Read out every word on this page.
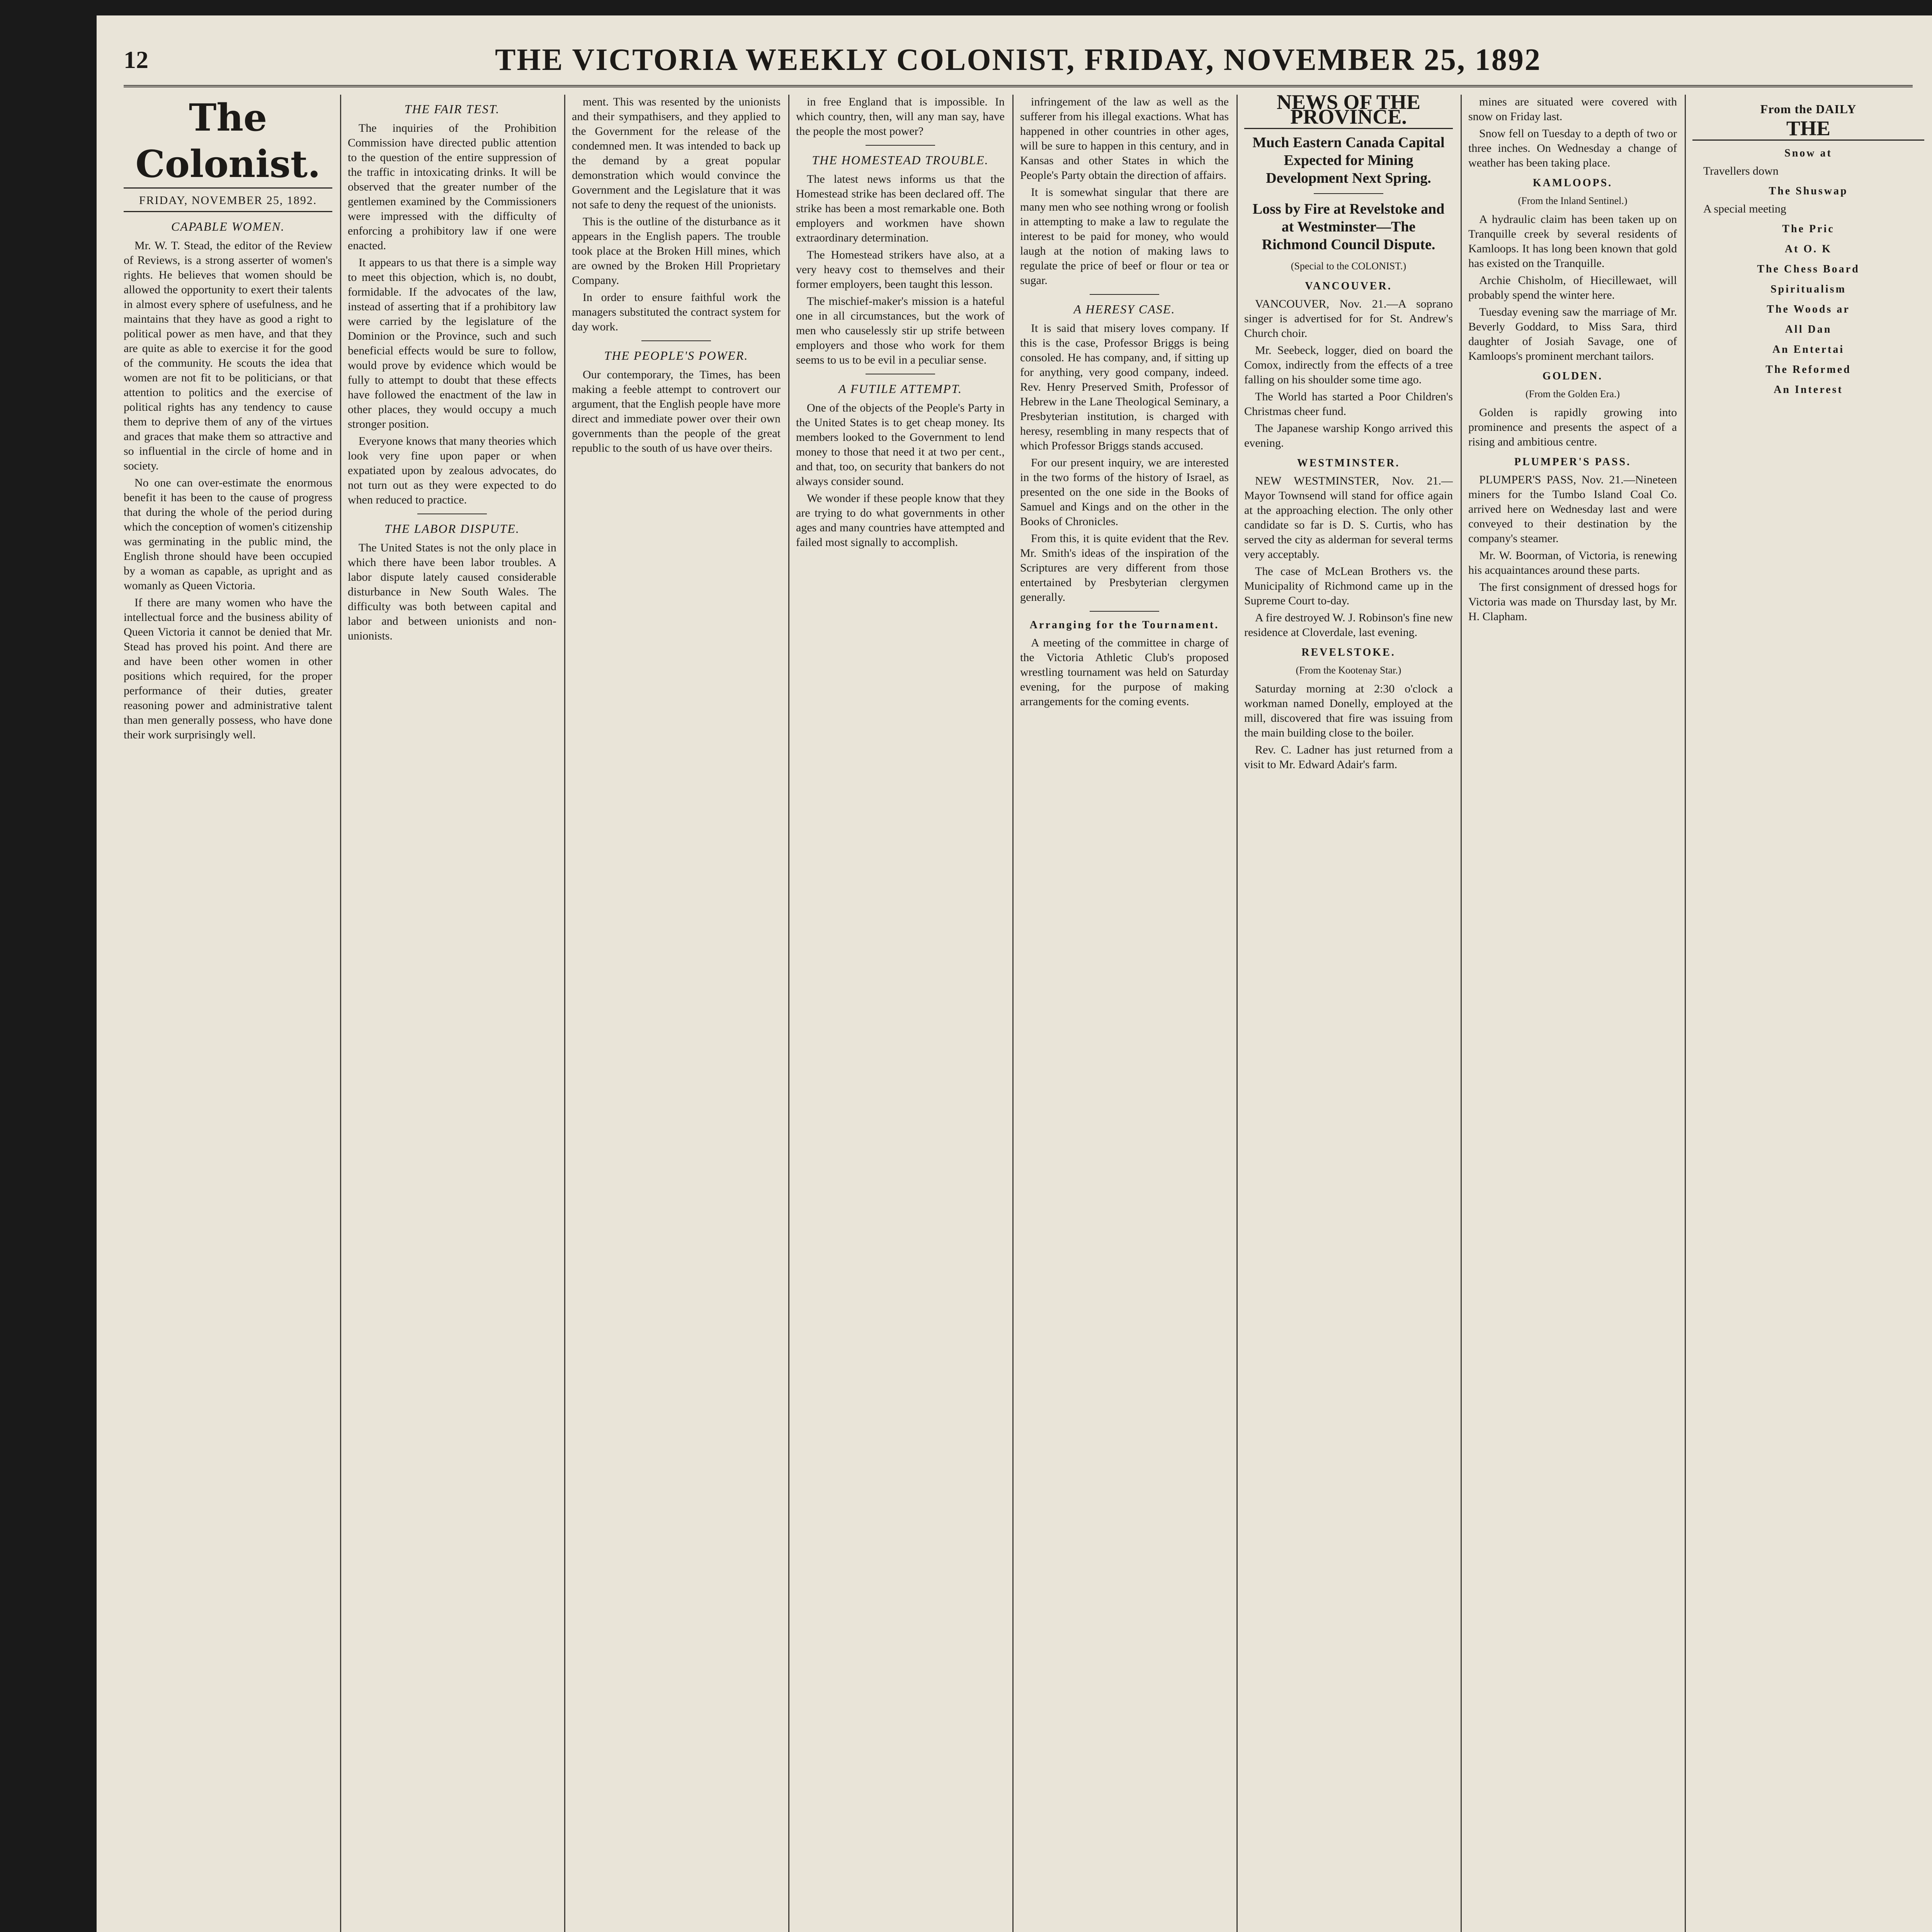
12	THE VICTORIA WEEKLY COLONIST, FRIDAY, NOVEMBER 25, 1892
The Colonist.
FRIDAY, NOVEMBER 25, 1892.
CAPABLE WOMEN.

Mr. W. T. Stead, the editor of the Review of Reviews, is a strong asserter of women's rights. He believes that women should be allowed the opportunity to exert their talents in almost every sphere of usefulness, and he maintains that they have as good a right to political power as men have, and that they are quite as able to exercise it for the good of the community. He scouts the idea that women are not fit to be politicians, or that attention to politics and the exercise of political rights has any tendency to cause them to deprive them of any of the virtues and graces that make them so attractive and so influential in the circle of home and in society.

No one can over-estimate the enormous benefit it has been to the cause of progress that during the whole of the period during which the conception of women's citizenship was germinating in the public mind, the English throne should have been occupied by a woman as capable, as upright and as womanly as Queen Victoria.

If there are many women who have the intellectual force and the business ability of Queen Victoria it cannot be denied that Mr. Stead has proved his point. And there are and have been other women in other positions which required, for the proper performance of their duties, greater reasoning power and administrative talent than men generally possess, who have done their work surprisingly well.

THE FAIR TEST.

The inquiries of the Prohibition Commission have directed public attention to the question of the entire suppression of the traffic in intoxicating drinks. It will be observed that the greater number of the gentlemen examined by the Commissioners were impressed with the difficulty of enforcing a prohibitory law if one were enacted.

It appears to us that there is a simple way to meet this objection, which is, no doubt, formidable. If the advocates of the law, instead of asserting that if a prohibitory law were carried by the legislature of the Dominion or the Province, such and such beneficial effects would be sure to follow, would prove by evidence which would be fully to attempt to doubt that these effects have followed the enactment of the law in other places, they would occupy a much stronger position.

Everyone knows that many theories which look very fine upon paper or when expatiated upon by zealous advocates, do not turn out as they were expected to do when reduced to practice.

THE LABOR DISPUTE.

The United States is not the only place in which there have been labor troubles. A labor dispute lately caused considerable disturbance in New South Wales. The difficulty was both between capital and labor and between unionists and non-unionists.

ment. This was resented by the unionists and their sympathisers, and they applied to the Government for the release of the condemned men. It was intended to back up the demand by a great popular demonstration which would convince the Government and the Legislature that it was not safe to deny the request of the unionists.

This is the outline of the disturbance as it appears in the English papers. The trouble took place at the Broken Hill mines, which are owned by the Broken Hill Proprietary Company.

In order to ensure faithful work the managers substituted the contract system for day work.

THE PEOPLE'S POWER.

Our contemporary, the Times, has been making a feeble attempt to controvert our argument, that the English people have more direct and immediate power over their own governments than the people of the great republic to the south of us have over theirs.

in free England that is impossible. In which country, then, will any man say, have the people the most power?

THE HOMESTEAD TROUBLE.

The latest news informs us that the Homestead strike has been declared off. The strike has been a most remarkable one. Both employers and workmen have shown extraordinary determination.

The Homestead strikers have also, at a very heavy cost to themselves and their former employers, been taught this lesson.

The mischief-maker's mission is a hateful one in all circumstances, but the work of men who causelessly stir up strife between employers and those who work for them seems to us to be evil in a peculiar sense.

A FUTILE ATTEMPT.

One of the objects of the People's Party in the United States is to get cheap money. Its members looked to the Government to lend money to those that need it at two per cent., and that, too, on security that bankers do not always consider sound.

We wonder if these people know that they are trying to do what governments in other ages and many countries have attempted and failed most signally to accomplish.

infringement of the law as well as the sufferer from his illegal exactions. What has happened in other countries in other ages, will be sure to happen in this century, and in Kansas and other States in which the People's Party obtain the direction of affairs.

It is somewhat singular that there are many men who see nothing wrong or foolish in attempting to make a law to regulate the interest to be paid for money, who would laugh at the notion of making laws to regulate the price of beef or flour or tea or sugar.

A HERESY CASE.

It is said that misery loves company. If this is the case, Professor Briggs is being consoled. He has company, and, if sitting up for anything, very good company, indeed. Rev. Henry Preserved Smith, Professor of Hebrew in the Lane Theological Seminary, a Presbyterian institution, is charged with heresy, resembling in many respects that of which Professor Briggs stands accused.

For our present inquiry, we are interested in the two forms of the history of Israel, as presented on the one side in the Books of Samuel and Kings and on the other in the Books of Chronicles.

From this, it is quite evident that the Rev. Mr. Smith's ideas of the inspiration of the Scriptures are very different from those entertained by Presbyterian clergymen generally.

Arranging for the Tournament.

A meeting of the committee in charge of the Victoria Athletic Club's proposed wrestling tournament was held on Saturday evening, for the purpose of making arrangements for the coming events.

NEWS OF THE PROVINCE.
Much Eastern Canada Capital Expected for Mining Development Next Spring.
Loss by Fire at Revelstoke and at Westminster—The Richmond Council Dispute.
(Special to the COLONIST.)
VANCOUVER.

VANCOUVER, Nov. 21.—A soprano singer is advertised for for St. Andrew's Church choir.

Mr. Seebeck, logger, died on board the Comox, indirectly from the effects of a tree falling on his shoulder some time ago.

The World has started a Poor Children's Christmas cheer fund.

The Japanese warship Kongo arrived this evening.

WESTMINSTER.

NEW WESTMINSTER, Nov. 21.—Mayor Townsend will stand for office again at the approaching election. The only other candidate so far is D. S. Curtis, who has served the city as alderman for several terms very acceptably.

The case of McLean Brothers vs. the Municipality of Richmond came up in the Supreme Court to-day.

A fire destroyed W. J. Robinson's fine new residence at Cloverdale, last evening.

REVELSTOKE.
(From the Kootenay Star.)

Saturday morning at 2:30 o'clock a workman named Donelly, employed at the mill, discovered that fire was issuing from the main building close to the boiler.

Rev. C. Ladner has just returned from a visit to Mr. Edward Adair's farm.

mines are situated were covered with snow on Friday last.

Snow fell on Tuesday to a depth of two or three inches. On Wednesday a change of weather has been taking place.

KAMLOOPS.
(From the Inland Sentinel.)

A hydraulic claim has been taken up on Tranquille creek by several residents of Kamloops. It has long been known that gold has existed on the Tranquille.

Archie Chisholm, of Hiecillewaet, will probably spend the winter here.

Tuesday evening saw the marriage of Mr. Beverly Goddard, to Miss Sara, third daughter of Josiah Savage, one of Kamloops's prominent merchant tailors.

GOLDEN.
(From the Golden Era.)

Golden is rapidly growing into prominence and presents the aspect of a rising and ambitious centre.

PLUMPER'S PASS.

PLUMPER'S PASS, Nov. 21.—Nineteen miners for the Tumbo Island Coal Co. arrived here on Wednesday last and were conveyed to their destination by the company's steamer.

Mr. W. Boorman, of Victoria, is renewing his acquaintances around these parts.

The first consignment of dressed hogs for Victoria was made on Thursday last, by Mr. H. Clapham.

From the DAILY
THE
Snow at

Travellers down

The Shuswap

A special meeting

The Pric
At O. K
The Chess Board
Spiritualism
The Woods ar
All Dan
An Entertai
The Reformed
An Interest
